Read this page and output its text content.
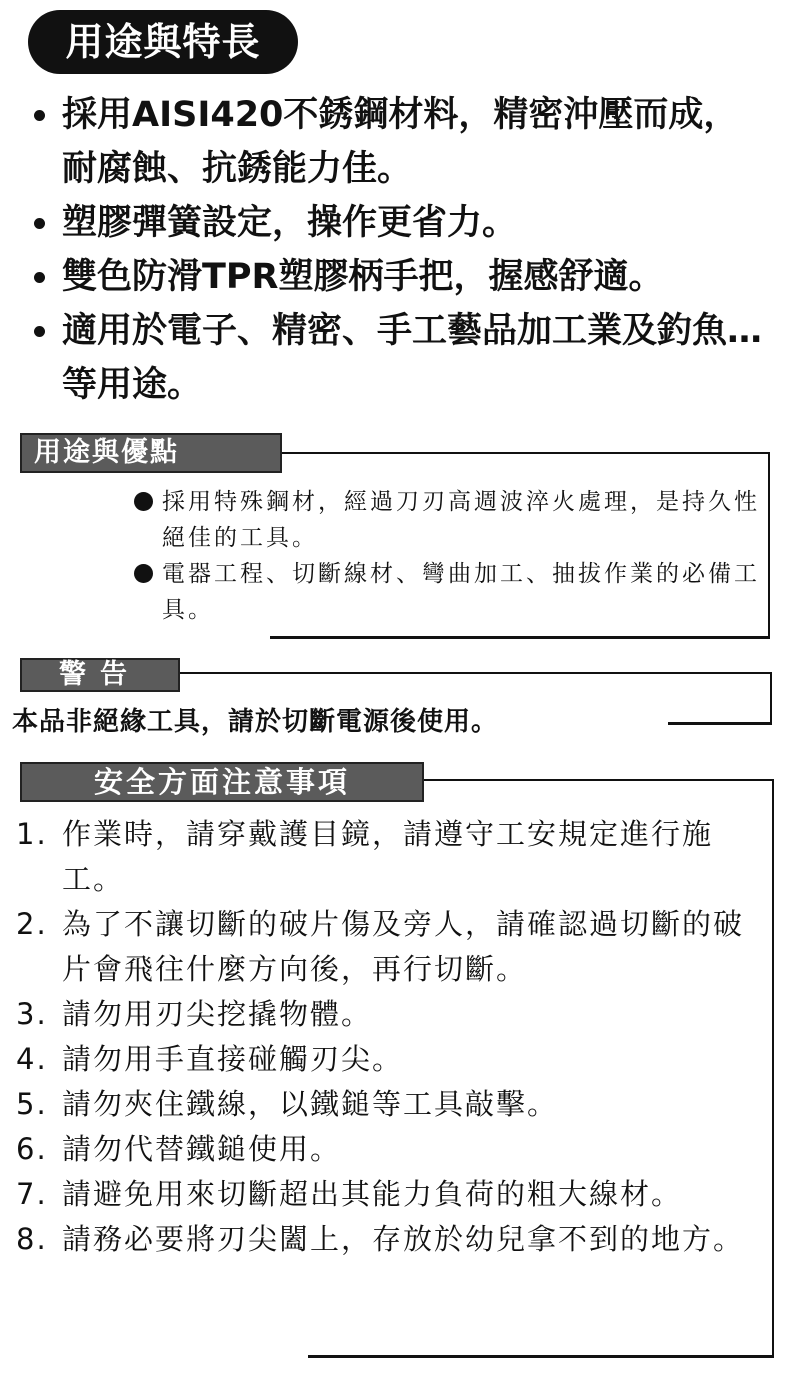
用途與特長
採用AISI420不銹鋼材料，精密沖壓而成，耐腐蝕、抗銹能力佳。
塑膠彈簧設定，操作更省力。
雙色防滑TPR塑膠柄手把，握感舒適。
適用於電子、精密、手工藝品加工業及釣魚…等用途。
用途與優點
採用特殊鋼材，經過刀刃高週波淬火處理，是持久性絕佳的工具。
電器工程、切斷線材、彎曲加工、抽拔作業的必備工具。
警告
本品非絕緣工具，請於切斷電源後使用。
安全方面注意事項
1. 作業時，請穿戴護目鏡，請遵守工安規定進行施工。
2. 為了不讓切斷的破片傷及旁人，請確認過切斷的破片會飛往什麼方向後，再行切斷。
3. 請勿用刃尖挖撬物體。
4. 請勿用手直接碰觸刃尖。
5. 請勿夾住鐵線，以鐵鎚等工具敲擊。
6. 請勿代替鐵鎚使用。
7. 請避免用來切斷超出其能力負荷的粗大線材。
8. 請務必要將刃尖闔上，存放於幼兒拿不到的地方。
